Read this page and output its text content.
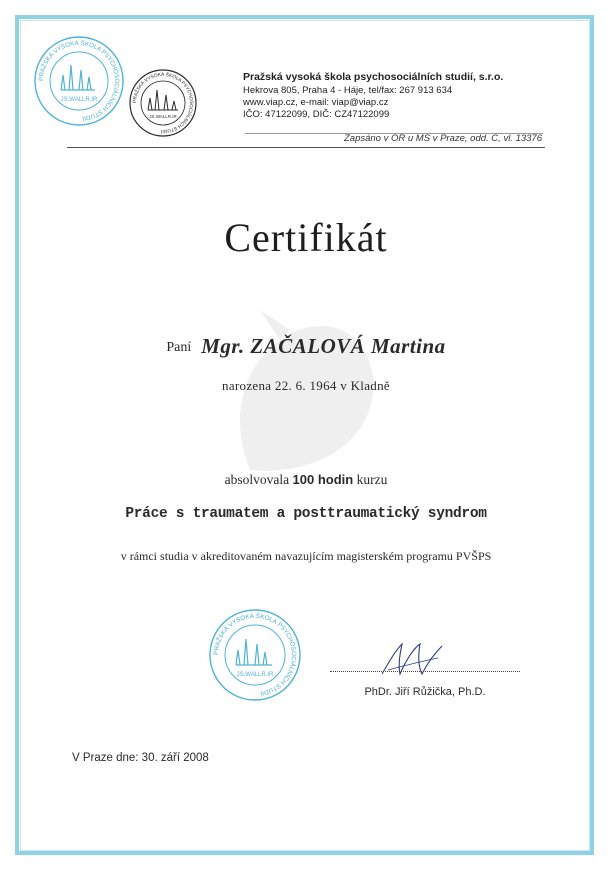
PRAŽSKÁ VYSOKÁ ŠKOLA PSYCHOSOCIÁLNÍCH STUDIÍ
JS.WALLR.IR	PRAŽSKÁ VYSOKÁ ŠKOLA PSYCHOSOCIÁLNÍCH STUDIÍ
JS.WALLR.IR
Pražská vysoká škola psychosociálních studií, s.r.o.
Hekrova 805, Praha 4 - Háje, tel/fax: 267 913 634
www.viap.cz, e-mail: viap@viap.cz
IČO: 47122099, DIČ: CZ47122099
Zapsáno v OR u MS v Praze, odd. C, vl. 13376
Certifikát
Paní Mgr. ZAČALOVÁ Martina
narozena 22. 6. 1964 v Kladně
absolvovala 100 hodin kurzu
Práce s traumatem a posttraumatický syndrom
v rámci studia v akreditovaném navazujícím magisterském programu PVŠPS
PRAŽSKÁ VYSOKÁ ŠKOLA PSYCHOSOCIÁLNÍCH STUDIÍ
JS.WALLR.IR
PhDr. Jiří Růžička, Ph.D.
V Praze dne: 30. září 2008
